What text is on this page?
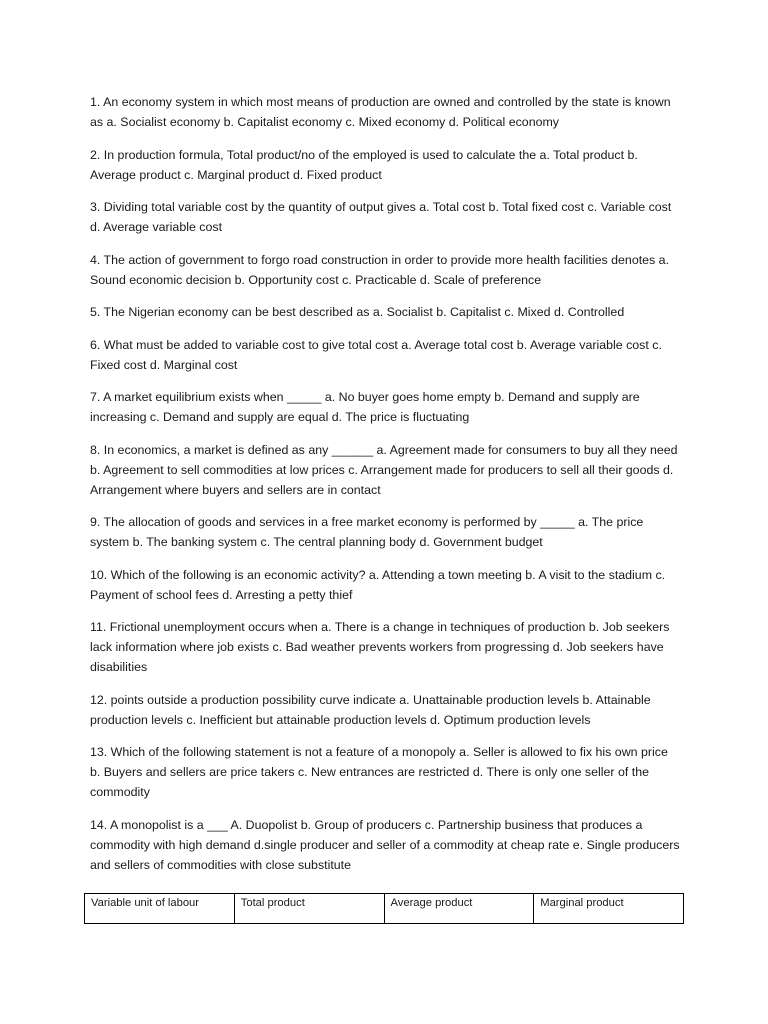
1. An economy system in which most means of production are owned and controlled by the state is known as a. Socialist economy b. Capitalist economy c. Mixed economy d. Political economy

2. In production formula, Total product/no of the employed is used to calculate the a. Total product b. Average product c. Marginal product d. Fixed product

3. Dividing total variable cost by the quantity of output gives a. Total cost b. Total fixed cost c. Variable cost d. Average variable cost

4. The action of government to forgo road construction in order to provide more health facilities denotes a. Sound economic decision b. Opportunity cost c. Practicable d. Scale of preference

5. The Nigerian economy can be best described as a. Socialist b. Capitalist c. Mixed d. Controlled

6. What must be added to variable cost to give total cost a. Average total cost b. Average variable cost c. Fixed cost d. Marginal cost

7. A market equilibrium exists when _____ a. No buyer goes home empty b. Demand and supply are increasing c. Demand and supply are equal d. The price is fluctuating

8. In economics, a market is defined as any ______ a. Agreement made for consumers to buy all they need b. Agreement to sell commodities at low prices c. Arrangement made for producers to sell all their goods d. Arrangement where buyers and sellers are in contact

9. The allocation of goods and services in a free market economy is performed by _____ a. The price system b. The banking system c. The central planning body d. Government budget

10. Which of the following is an economic activity? a. Attending a town meeting b. A visit to the stadium c. Payment of school fees d. Arresting a petty thief

11. Frictional unemployment occurs when a. There is a change in techniques of production b. Job seekers lack information where job exists c. Bad weather prevents workers from progressing d. Job seekers have disabilities

12. points outside a production possibility curve indicate a. Unattainable production levels b. Attainable production levels c. Inefficient but attainable production levels d. Optimum production levels

13. Which of the following statement is not a feature of a monopoly a. Seller is allowed to fix his own price b. Buyers and sellers are price takers c. New entrances are restricted d. There is only one seller of the commodity

14. A monopolist is a ___ A. Duopolist b. Group of producers c. Partnership business that produces a commodity with high demand d.single producer and seller of a commodity at cheap rate e. Single producers and sellers of commodities with close substitute

Variable unit of labour	Total product	Average product	Marginal product
